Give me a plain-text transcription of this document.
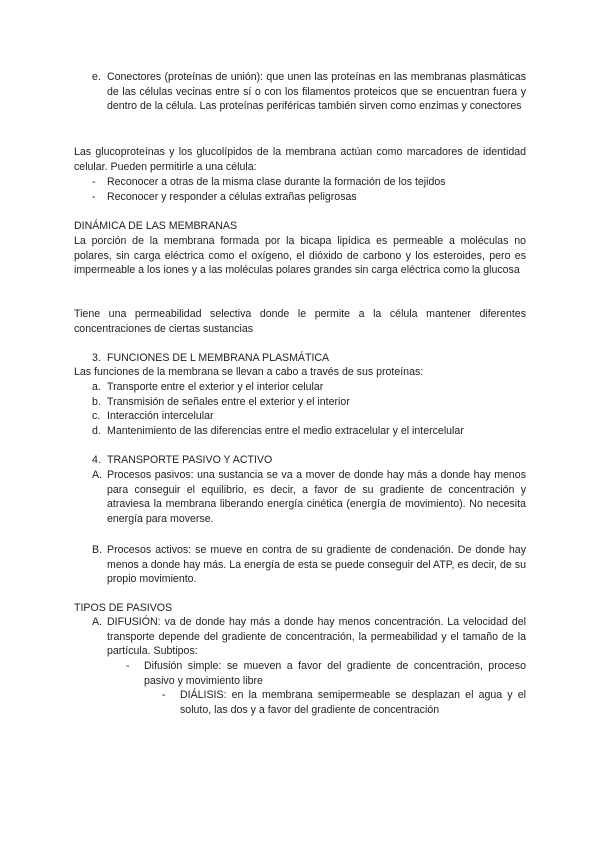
e. Conectores (proteínas de unión): que unen las proteínas en las membranas plasmáticas de las células vecinas entre sí o con los filamentos proteicos que se encuentran fuera y dentro de la célula. Las proteínas periféricas también sirven como enzimas y conectores
Las glucoproteínas y los glucolípidos de la membrana actúan como marcadores de identidad celular. Pueden permitirle a una célula:
- Reconocer a otras de la misma clase durante la formación de los tejidos
- Reconocer y responder a células extrañas peligrosas
DINÁMICA DE LAS MEMBRANAS
La porción de la membrana formada por la bicapa lipídica es permeable a moléculas no polares, sin carga eléctrica como el oxígeno, el dióxido de carbono y los esteroides, pero es impermeable a los iones y a las moléculas polares grandes sin carga eléctrica como la glucosa
Tiene una permeabilidad selectiva donde le permite a la célula mantener diferentes concentraciones de ciertas sustancias
3. FUNCIONES DE L MEMBRANA PLASMÁTICA
Las funciones de la membrana se llevan a cabo a través de sus proteínas:
a. Transporte entre el exterior y el interior celular
b. Transmisión de señales entre el exterior y el interior
c. Interacción intercelular
d. Mantenimiento de las diferencias entre el medio extracelular y el intercelular
4. TRANSPORTE PASIVO Y ACTIVO
A. Procesos pasivos: una sustancia se va a mover de donde hay más a donde hay menos para conseguir el equilibrio, es decir, a favor de su gradiente de concentración y atraviesa la membrana liberando energía cinética (energía de movimiento). No necesita energía para moverse.
B. Procesos activos: se mueve en contra de su gradiente de condenación. De donde hay menos a donde hay más. La energía de esta se puede conseguir del ATP, es decir, de su propio movimiento.
TIPOS DE PASIVOS
A. DIFUSIÓN: va de donde hay más a donde hay menos concentración. La velocidad del transporte depende del gradiente de concentración, la permeabilidad y el tamaño de la partícula. Subtipos:
- Difusión simple: se mueven a favor del gradiente de concentración, proceso pasivo y movimiento libre
- DIÁLISIS: en la membrana semipermeable se desplazan el agua y el soluto, las dos y a favor del gradiente de concentración
